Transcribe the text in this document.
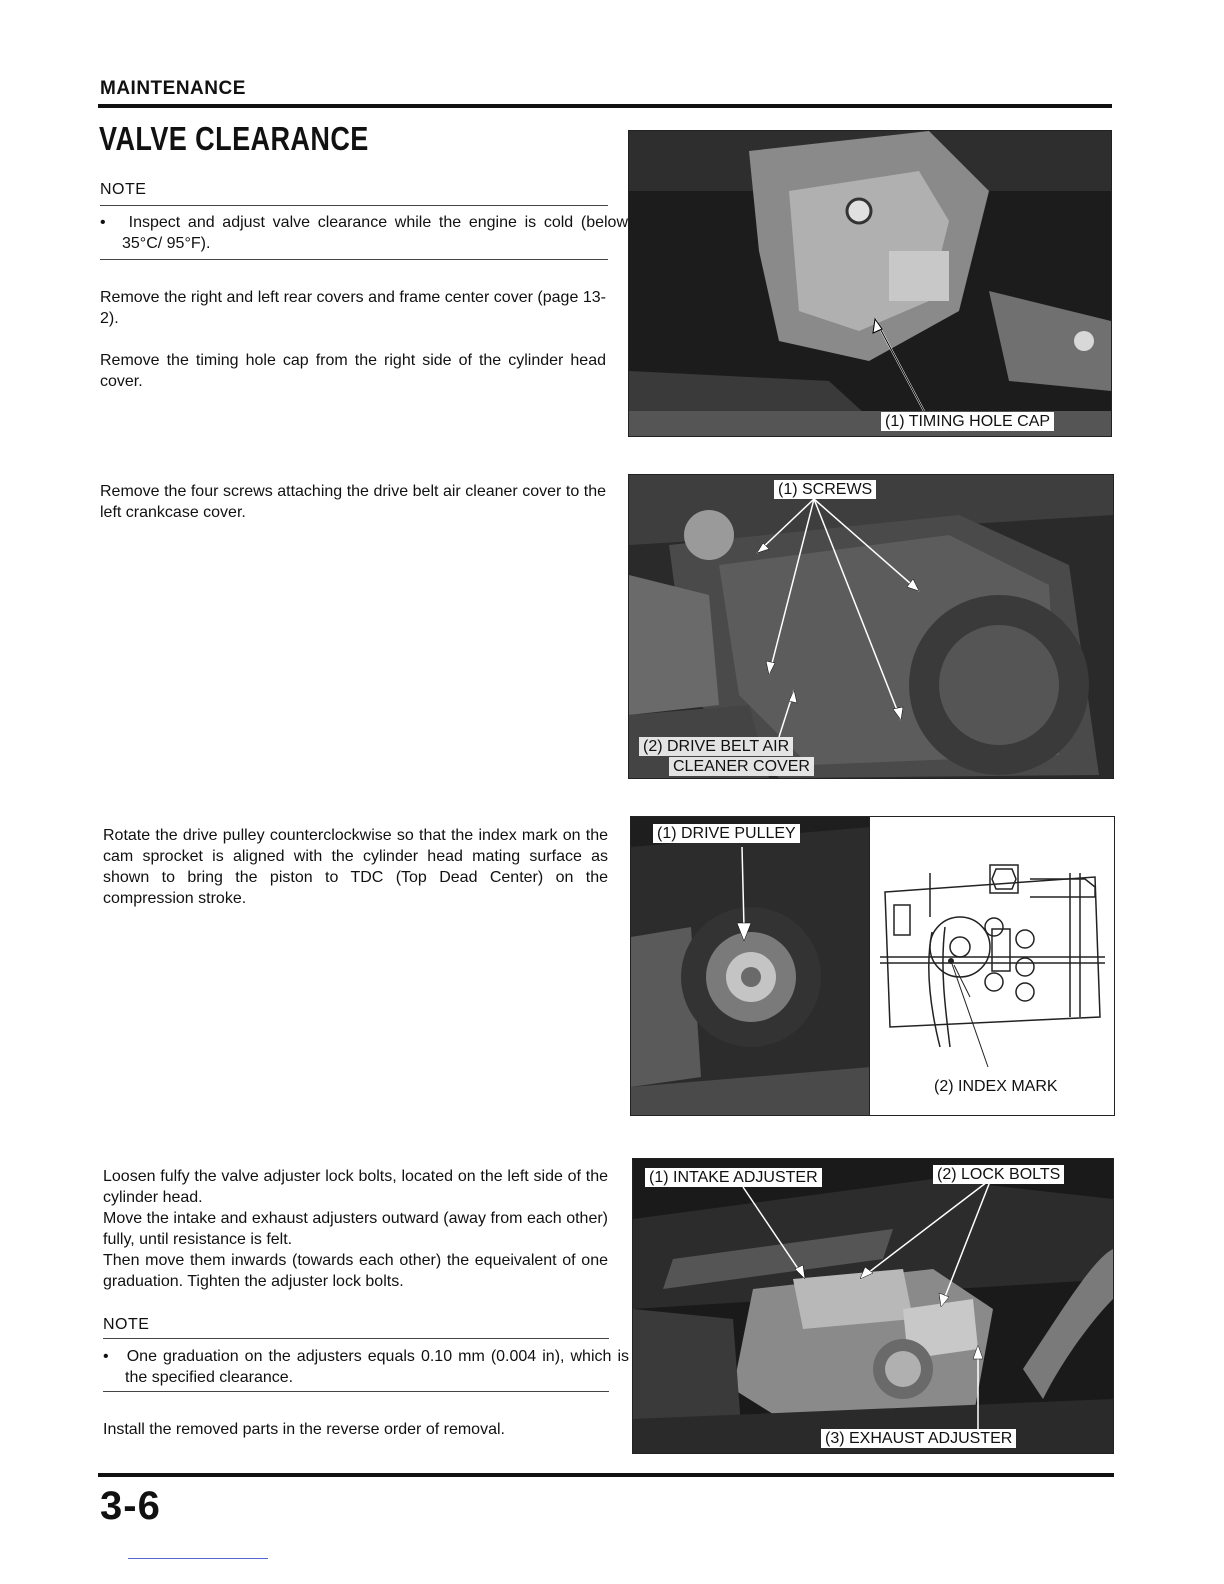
MAINTENANCE
VALVE CLEARANCE
NOTE
•   Inspect and adjust valve clearance while the engine is cold (below 35°C/ 95°F).
Remove the right and left rear covers and frame center cover (page 13-2).
Remove the timing hole cap from the right side of the cylinder head cover.
Remove the four screws attaching the drive belt air cleaner cover to the left crankcase cover.
Rotate the drive pulley counterclockwise so that the index mark on the cam sprocket is aligned with the cylinder head mating surface as shown to bring the piston to TDC (Top Dead Center) on the compression stroke.
Loosen fulfy the valve adjuster lock bolts, located on the left side of the cylinder head.
Move the intake and exhaust adjusters outward (away from each other) fully, until resistance is felt.
Then move them inwards (towards each other) the equeivalent of one graduation. Tighten the adjuster lock bolts.
NOTE
•   One graduation on the adjusters equals 0.10 mm (0.004 in), which is the specified clearance.
Install the removed parts in the reverse order of removal.
(1) TIMING HOLE CAP
(1) SCREWS
(2) DRIVE BELT AIR
CLEANER COVER
(1) DRIVE PULLEY
(2) INDEX MARK
(1) INTAKE ADJUSTER	(2) LOCK BOLTS
(3) EXHAUST ADJUSTER
3-6
